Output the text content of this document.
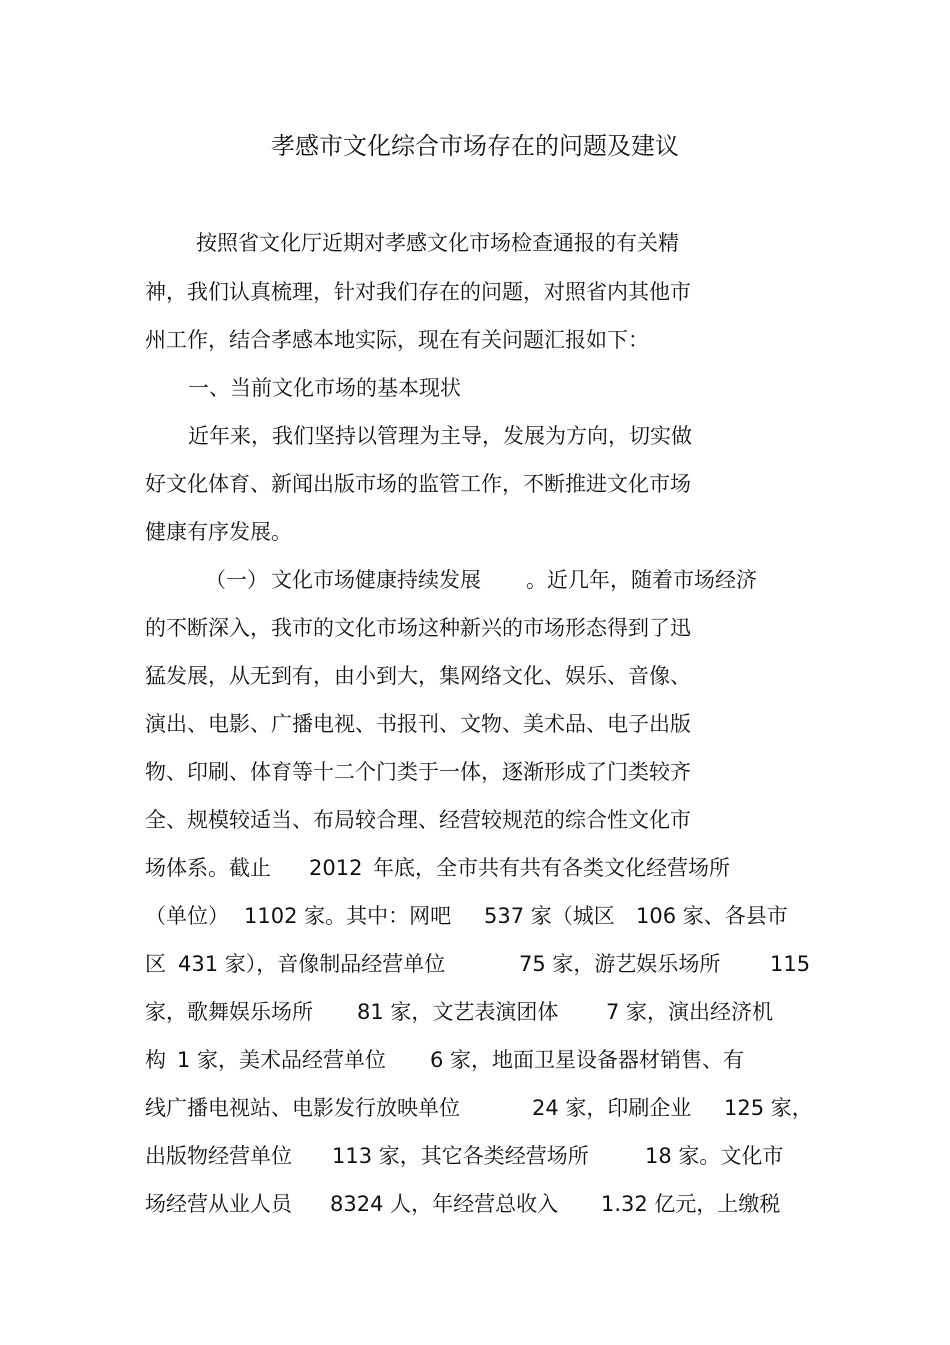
孝感市文化综合市场存在的问题及建议
按照省文化厅近期对孝感文化市场检查通报的有关精
神，我们认真梳理，针对我们存在的问题，对照省内其他市
州工作，结合孝感本地实际，现在有关问题汇报如下：
一、当前文化市场的基本现状
近年来，我们坚持以管理为主导，发展为方向，切实做
好文化体育、新闻出版市场的监管工作，不断推进文化市场
健康有序发展。
（一） 文化市场健康持续发展 。近几年，随着市场经济
的不断深入，我市的文化市场这种新兴的市场形态得到了迅
猛发展，从无到有，由小到大，集网络文化、娱乐、音像、
演出、电影、广播电视、书报刊、文物、美术品、电子出版
物、印刷、体育等十二个门类于一体，逐渐形成了门类较齐
全、规模较适当、布局较合理、经营较规范的综合性文化市
场体系。截止 2012 年底，全市共有共有各类文化经营场所
（单位） 1102 家。其中：网吧 537 家（城区 106 家、各县市
区 431 家），音像制品经营单位	75 家，游艺娱乐场所 115
家，歌舞娱乐场所 81 家，文艺表演团体 7 家，演出经济机
构 1 家，美术品经营单位 6 家，地面卫星设备器材销售、有
线广播电视站、电影发行放映单位	24 家，印刷企业 125 家，
出版物经营单位 113 家，其它各类经营场所	18 家。文化市
场经营从业人员 8324 人，年经营总收入 1.32 亿元，上缴税
